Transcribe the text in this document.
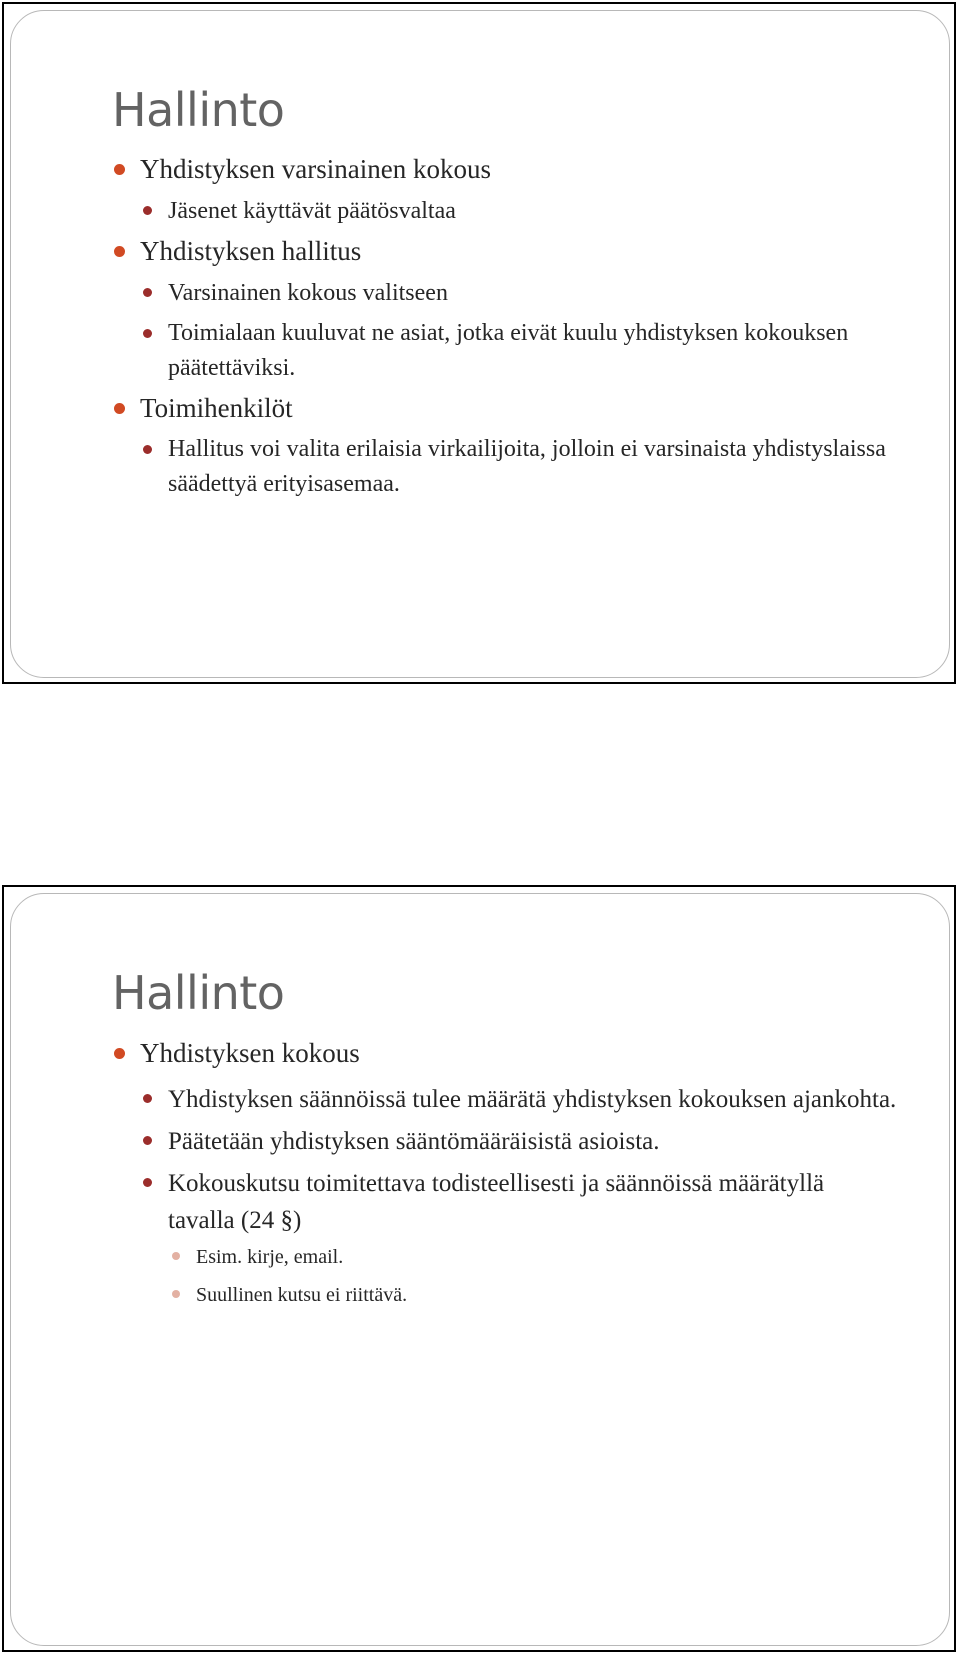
Hallinto
Yhdistyksen varsinainen kokous
Jäsenet käyttävät päätösvaltaa
Yhdistyksen hallitus
Varsinainen kokous valitseen
Toimialaan kuuluvat ne asiat, jotka eivät kuulu yhdistyksen kokouksen päätettäviksi.
Toimihenkilöt
Hallitus voi valita erilaisia virkailijoita, jolloin ei varsinaista yhdistyslaissa säädettyä erityisasemaa.
Hallinto
Yhdistyksen kokous
Yhdistyksen säännöissä tulee määrätä yhdistyksen kokouksen ajankohta.
Päätetään yhdistyksen sääntömääräisistä asioista.
Kokouskutsu toimitettava todisteellisesti ja säännöissä määrätyllä tavalla (24 §)
Esim. kirje, email.
Suullinen kutsu ei riittävä.
